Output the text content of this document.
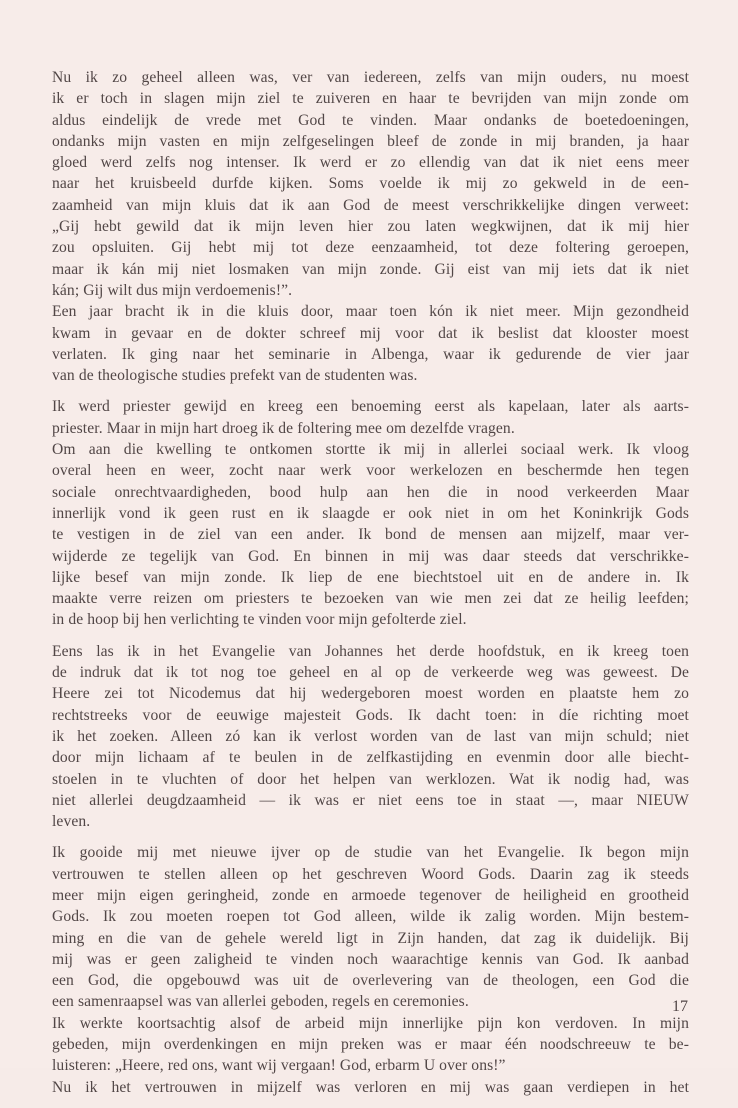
Nu ik zo geheel alleen was, ver van iedereen, zelfs van mijn ouders, nu moest
ik er toch in slagen mijn ziel te zuiveren en haar te bevrijden van mijn zonde om
aldus eindelijk de vrede met God te vinden. Maar ondanks de boetedoeningen,
ondanks mijn vasten en mijn zelfgeselingen bleef de zonde in mij branden, ja haar
gloed werd zelfs nog intenser. Ik werd er zo ellendig van dat ik niet eens meer
naar het kruisbeeld durfde kijken. Soms voelde ik mij zo gekweld in de een-
zaamheid van mijn kluis dat ik aan God de meest verschrikkelijke dingen verweet:
„Gij hebt gewild dat ik mijn leven hier zou laten wegkwijnen, dat ik mij hier
zou opsluiten. Gij hebt mij tot deze eenzaamheid, tot deze foltering geroepen,
maar ik kán mij niet losmaken van mijn zonde. Gij eist van mij iets dat ik niet
kán; Gij wilt dus mijn verdoemenis!”.
Een jaar bracht ik in die kluis door, maar toen kón ik niet meer. Mijn gezondheid
kwam in gevaar en de dokter schreef mij voor dat ik beslist dat klooster moest
verlaten. Ik ging naar het seminarie in Albenga, waar ik gedurende de vier jaar
van de theologische studies prefekt van de studenten was.
Ik werd priester gewijd en kreeg een benoeming eerst als kapelaan, later als aarts-
priester. Maar in mijn hart droeg ik de foltering mee om dezelfde vragen.
Om aan die kwelling te ontkomen stortte ik mij in allerlei sociaal werk. Ik vloog
overal heen en weer, zocht naar werk voor werkelozen en beschermde hen tegen
sociale onrechtvaardigheden, bood hulp aan hen die in nood verkeerden Maar
innerlijk vond ik geen rust en ik slaagde er ook niet in om het Koninkrijk Gods
te vestigen in de ziel van een ander. Ik bond de mensen aan mijzelf, maar ver-
wijderde ze tegelijk van God. En binnen in mij was daar steeds dat verschrikke-
lijke besef van mijn zonde. Ik liep de ene biechtstoel uit en de andere in. Ik
maakte verre reizen om priesters te bezoeken van wie men zei dat ze heilig leefden;
in de hoop bij hen verlichting te vinden voor mijn gefolterde ziel.
Eens las ik in het Evangelie van Johannes het derde hoofdstuk, en ik kreeg toen
de indruk dat ik tot nog toe geheel en al op de verkeerde weg was geweest. De
Heere zei tot Nicodemus dat hij wedergeboren moest worden en plaatste hem zo
rechtstreeks voor de eeuwige majesteit Gods. Ik dacht toen: in díe richting moet
ik het zoeken. Alleen zó kan ik verlost worden van de last van mijn schuld; niet
door mijn lichaam af te beulen in de zelfkastijding en evenmin door alle biecht-
stoelen in te vluchten of door het helpen van werklozen. Wat ik nodig had, was
niet allerlei deugdzaamheid — ik was er niet eens toe in staat —, maar NIEUW
leven.
Ik gooide mij met nieuwe ijver op de studie van het Evangelie. Ik begon mijn
vertrouwen te stellen alleen op het geschreven Woord Gods. Daarin zag ik steeds
meer mijn eigen geringheid, zonde en armoede tegenover de heiligheid en grootheid
Gods. Ik zou moeten roepen tot God alleen, wilde ik zalig worden. Mijn bestem-
ming en die van de gehele wereld ligt in Zijn handen, dat zag ik duidelijk. Bij
mij was er geen zaligheid te vinden noch waarachtige kennis van God. Ik aanbad
een God, die opgebouwd was uit de overlevering van de theologen, een God die
een samenraapsel was van allerlei geboden, regels en ceremonies.
Ik werkte koortsachtig alsof de arbeid mijn innerlijke pijn kon verdoven. In mijn
gebeden, mijn overdenkingen en mijn preken was er maar één noodschreeuw te be-
luisteren: „Heere, red ons, want wij vergaan! God, erbarm U over ons!”
Nu ik het vertrouwen in mijzelf was verloren en mij was gaan verdiepen in het
17
